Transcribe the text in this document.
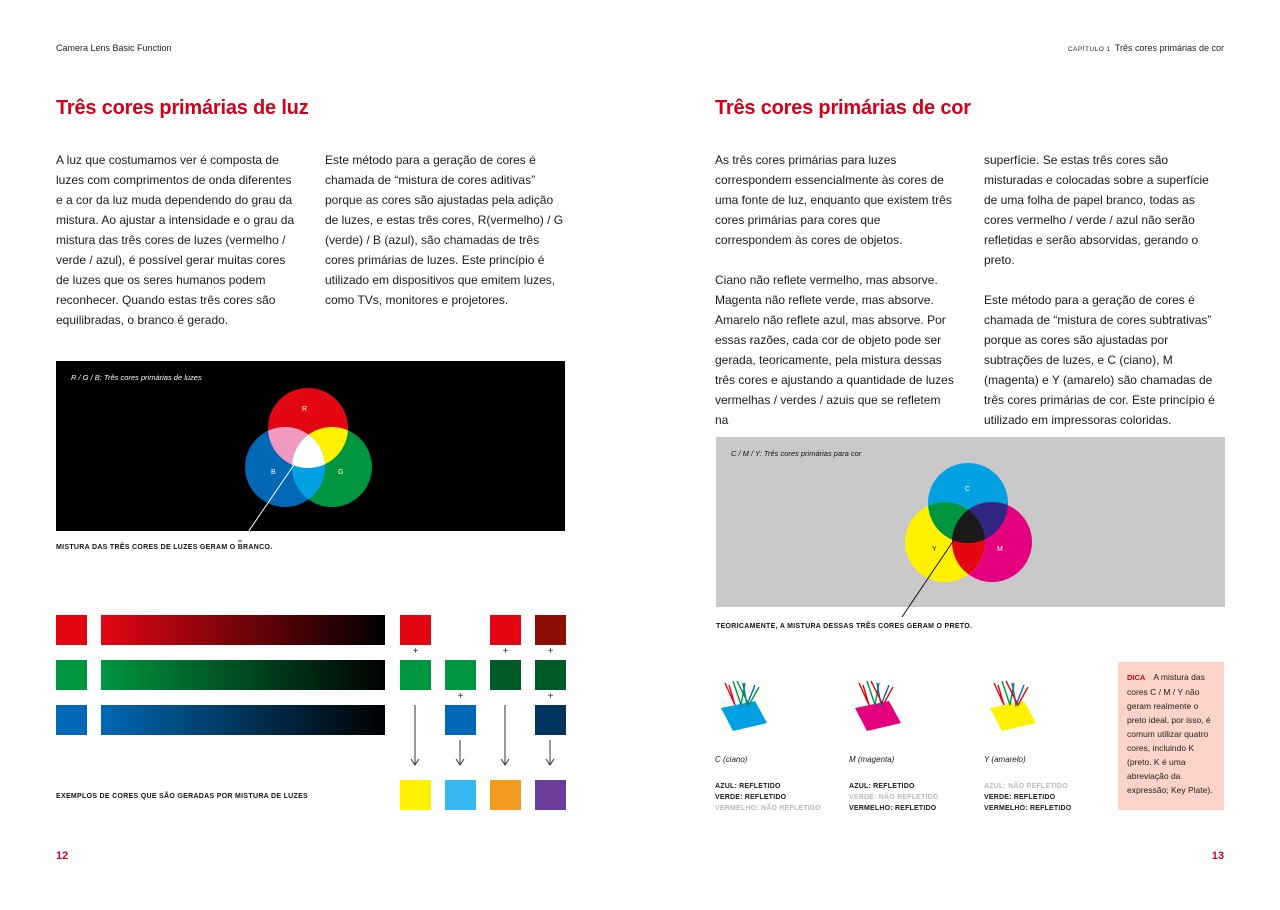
Camera Lens Basic Function
Três cores primárias de luz
A luz que costumamos ver é composta de luzes com comprimentos de onda diferentes e a cor da luz muda dependendo do grau da mistura. Ao ajustar a intensidade e o grau da mistura das três cores de luzes (vermelho / verde / azul), é possível gerar muitas cores de luzes que os seres humanos podem reconhecer. Quando estas três cores são equilibradas, o branco é gerado.
Este método para a geração de cores é chamada de “mistura de cores aditivas” porque as cores são ajustadas pela adição de luzes, e estas três cores, R(vermelho) / G (verde) / B (azul), são chamadas de três cores primárias de luzes. Este princípio é utilizado em dispositivos que emitem luzes, como TVs, monitores e projetores.
R / G / B: Três cores primárias de luzes
R
G
B
MISTURA DAS TRÊS CORES DE LUZES GERAM O BRANCO.
+	+	+
+	+
EXEMPLOS DE CORES QUE SÃO GERADAS POR MISTURA DE LUZES
12
CAPÍTULO 1 Três cores primárias de cor
Três cores primárias de cor
As três cores primárias para luzes correspondem essencialmente às cores de uma fonte de luz, enquanto que existem três cores primárias para cores que correspondem às cores de objetos.
Ciano não reflete vermelho, mas absorve. Magenta não reflete verde, mas absorve. Amarelo não reflete azul, mas absorve. Por essas razões, cada cor de objeto pode ser gerada, teoricamente, pela mistura dessas três cores e ajustando a quantidade de luzes vermelhas / verdes / azuis que se refletem na
superfície. Se estas três cores são misturadas e colocadas sobre a superfície de uma folha de papel branco, todas as cores vermelho / verde / azul não serão refletidas e serão absorvidas, gerando o preto.
Este método para a geração de cores é chamada de “mistura de cores subtrativas” porque as cores são ajustadas por subtrações de luzes, e C (ciano), M (magenta) e Y (amarelo) são chamadas de três cores primárias de cor. Este princípio é utilizado em impressoras coloridas.
C / M / Y: Três cores primárias para cor
C
M
Y
TEORICAMENTE, A MISTURA DESSAS TRÊS CORES GERAM O PRETO.
C (ciano)	M (magenta)	Y (amarelo)
AZUL: REFLETIDO
VERDE: REFLETIDO
VERMELHO: NÃO REFLETIDO
AZUL: REFLETIDO
VERDE: NÃO REFLETIDO
VERMELHO: REFLETIDO
AZUL: NÃO REFLETIDO
VERDE: REFLETIDO
VERMELHO: REFLETIDO
DICA A mistura das cores C / M / Y não geram realmente o preto ideal, por isso, é comum utilizar quatro cores, incluindo K (preto. K é uma abreviação da expressão; Key Plate).
13
